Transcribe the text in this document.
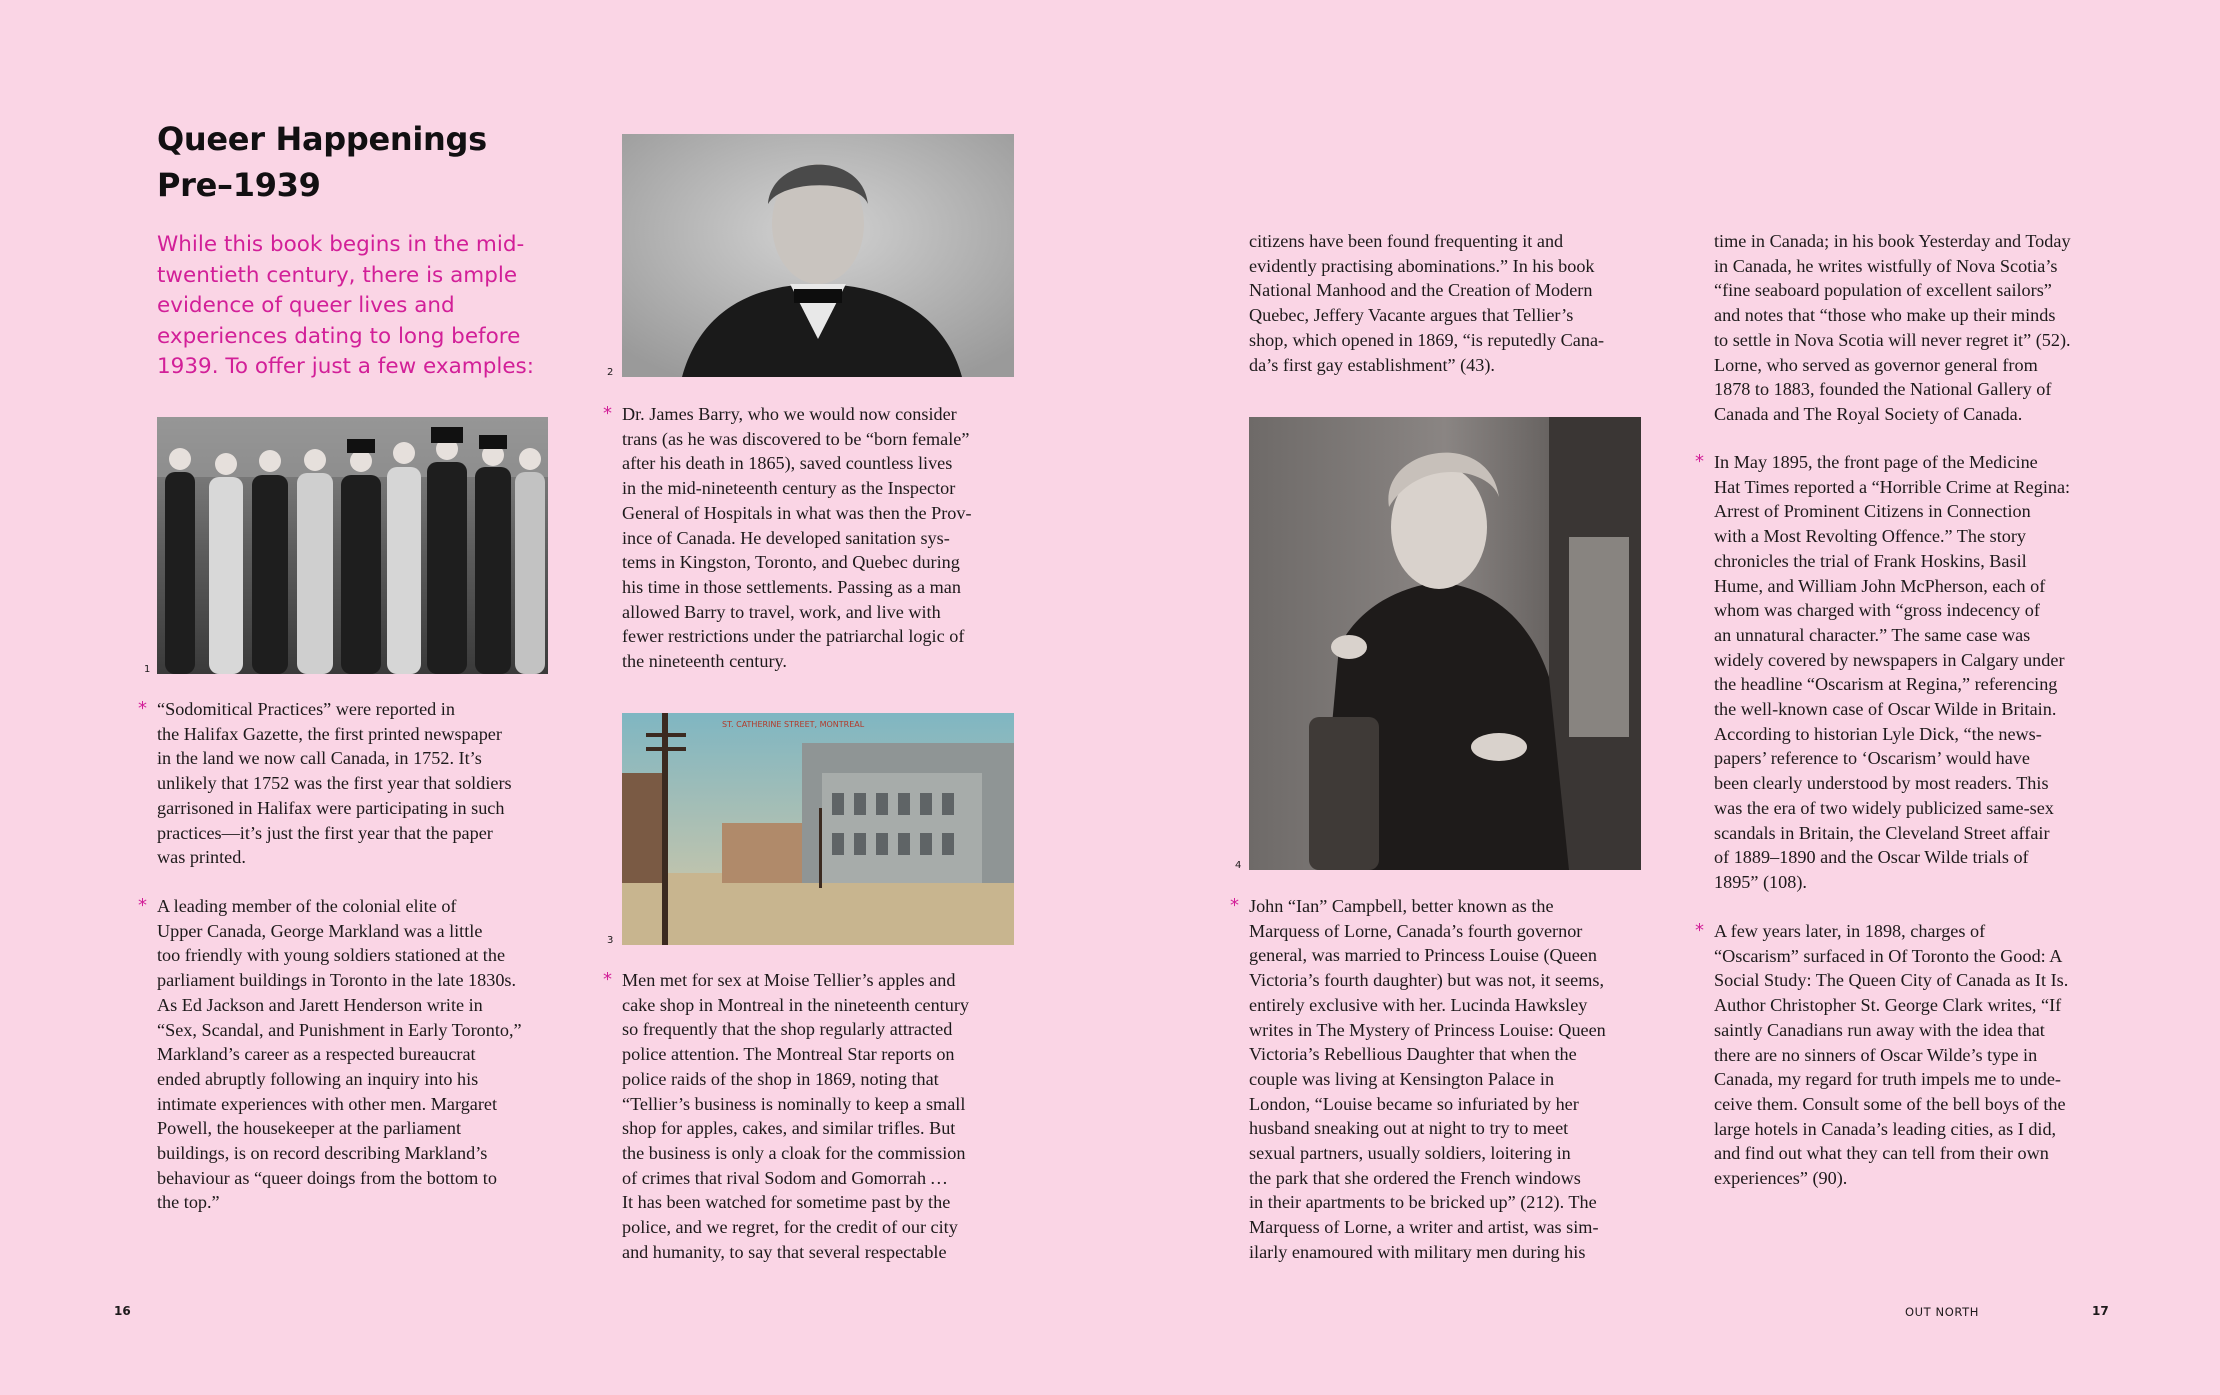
Queer Happenings
Pre–1939

While this book begins in the mid-twentieth century, there is ample evidence of queer lives and experiences dating to long before 1939. To offer just a few examples:

1
2
ST. CATHERINE STREET, MONTREAL
3
4
* “Sodomitical Practices” were reported in
the Halifax Gazette, the first printed newspaper
in the land we now call Canada, in 1752. It’s
unlikely that 1752 was the first year that soldiers
garrisoned in Halifax were participating in such
practices—it’s just the first year that the paper
was printed.

* A leading member of the colonial elite of
Upper Canada, George Markland was a little
too friendly with young soldiers stationed at the
parliament buildings in Toronto in the late 1830s.
As Ed Jackson and Jarett Henderson write in
“Sex, Scandal, and Punishment in Early Toronto,”
Markland’s career as a respected bureaucrat
ended abruptly following an inquiry into his
intimate experiences with other men. Margaret
Powell, the housekeeper at the parliament
buildings, is on record describing Markland’s
behaviour as “queer doings from the bottom to
the top.”

* Dr. James Barry, who we would now consider
trans (as he was discovered to be “born female”
after his death in 1865), saved countless lives
in the mid-nineteenth century as the Inspector
General of Hospitals in what was then the Prov-
ince of Canada. He developed sanitation sys-
tems in Kingston, Toronto, and Quebec during
his time in those settlements. Passing as a man
allowed Barry to travel, work, and live with
fewer restrictions under the patriarchal logic of
the nineteenth century.

* Men met for sex at Moise Tellier’s apples and
cake shop in Montreal in the nineteenth century
so frequently that the shop regularly attracted
police attention. The Montreal Star reports on
police raids of the shop in 1869, noting that
“Tellier’s business is nominally to keep a small
shop for apples, cakes, and similar trifles. But
the business is only a cloak for the commission
of crimes that rival Sodom and Gomorrah …
It has been watched for sometime past by the
police, and we regret, for the credit of our city
and humanity, to say that several respectable

citizens have been found frequenting it and
evidently practising abominations.” In his book
National Manhood and the Creation of Modern
Quebec, Jeffery Vacante argues that Tellier’s
shop, which opened in 1869, “is reputedly Cana-
da’s first gay establishment” (43).

* John “Ian” Campbell, better known as the
Marquess of Lorne, Canada’s fourth governor
general, was married to Princess Louise (Queen
Victoria’s fourth daughter) but was not, it seems,
entirely exclusive with her. Lucinda Hawksley
writes in The Mystery of Princess Louise: Queen
Victoria’s Rebellious Daughter that when the
couple was living at Kensington Palace in
London, “Louise became so infuriated by her
husband sneaking out at night to try to meet
sexual partners, usually soldiers, loitering in
the park that she ordered the French windows
in their apartments to be bricked up” (212). The
Marquess of Lorne, a writer and artist, was sim-
ilarly enamoured with military men during his

time in Canada; in his book Yesterday and Today
in Canada, he writes wistfully of Nova Scotia’s
“fine seaboard population of excellent sailors”
and notes that “those who make up their minds
to settle in Nova Scotia will never regret it” (52).
Lorne, who served as governor general from
1878 to 1883, founded the National Gallery of
Canada and The Royal Society of Canada.

* In May 1895, the front page of the Medicine
Hat Times reported a “Horrible Crime at Regina:
Arrest of Prominent Citizens in Connection
with a Most Revolting Offence.” The story
chronicles the trial of Frank Hoskins, Basil
Hume, and William John McPherson, each of
whom was charged with “gross indecency of
an unnatural character.” The same case was
widely covered by newspapers in Calgary under
the headline “Oscarism at Regina,” referencing
the well-known case of Oscar Wilde in Britain.
According to historian Lyle Dick, “the news-
papers’ reference to ‘Oscarism’ would have
been clearly understood by most readers. This
was the era of two widely publicized same-sex
scandals in Britain, the Cleveland Street affair
of 1889–1890 and the Oscar Wilde trials of
1895” (108).

* A few years later, in 1898, charges of
“Oscarism” surfaced in Of Toronto the Good: A
Social Study: The Queen City of Canada as It Is.
Author Christopher St. George Clark writes, “If
saintly Canadians run away with the idea that
there are no sinners of Oscar Wilde’s type in
Canada, my regard for truth impels me to unde-
ceive them. Consult some of the bell boys of the
large hotels in Canada’s leading cities, as I did,
and find out what they can tell from their own
experiences” (90).

16	OUT NORTH	17
